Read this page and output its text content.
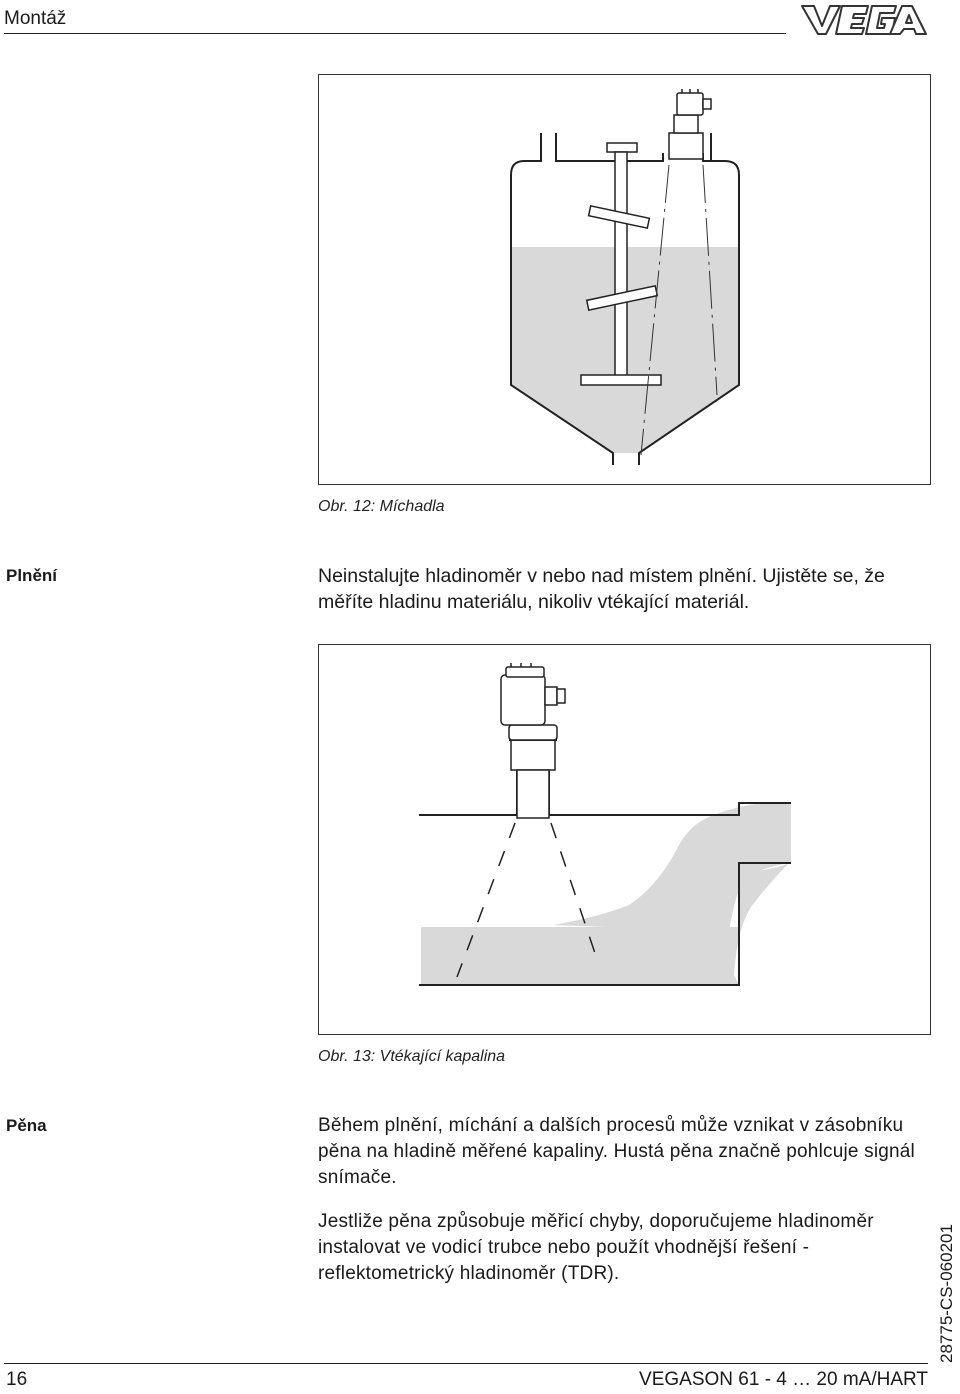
Montáž
Obr. 12: Míchadla
Plnění	Neinstalujte hladinoměr v nebo nad místem plnění. Ujistěte se, že měříte hladinu materiálu, nikoliv vtékající materiál.
Obr. 13: Vtékající kapalina
Pěna	Během plnění, míchání a dalších procesů může vznikat v zásobníku pěna na hladině měřené kapaliny. Hustá pěna značně pohlcuje signál snímače.
Jestliže pěna způsobuje měřicí chyby, doporučujeme hladinoměr instalovat ve vodicí trubce nebo použít vhodnější řešení - reflektometrický hladinoměr (TDR).	28775-CS-060201
16	VEGASON 61 - 4 … 20 mA/HART
